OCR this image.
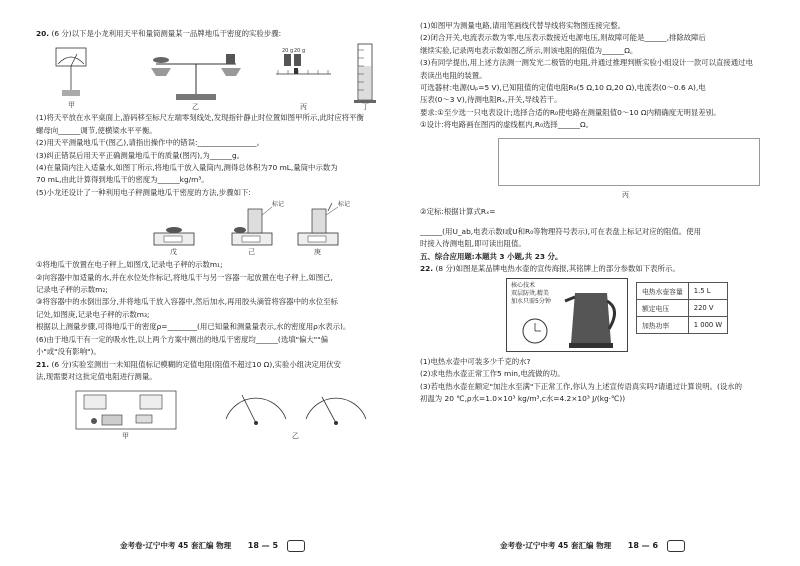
20. (6 分)以下是小龙利用天平和量筒测量某一品牌地瓜干密度的实验步骤:

20 g 20 g
甲	乙	丙	丁

(1)将天平放在水平桌面上,游码移至标尺左端零刻线处,发现指针静止时位置如图甲所示,此时应将平衡

螺母向______调节,使横梁水平平衡。

(2)用天平测量地瓜干(图乙),请指出操作中的错误:________________。

(3)纠正错误后用天平正确测量地瓜干的质量(图丙),为______g。

(4)在量筒内注入适量水,如图丁所示,将地瓜干放入量筒内,测得总体积为70 mL,量筒中示数为

70 mL,由此计算得到地瓜干的密度为______kg/m³。

(5)小龙还设计了一种利用电子秤测量地瓜干密度的方法,步骤如下:

标记	标记
戊	己	庚

①将地瓜干放置在电子秤上,如图戊,记录电子秤的示数m₁;

②向容器中加适量的水,并在水位处作标记,将地瓜干与另一容器一起放置在电子秤上,如图己,

记录电子秤的示数m₂;

③将容器中的水倒出部分,并将地瓜干放入容器中,然后加水,再用胶头滴管将容器中的水位至标

记处,如图庚,记录电子秤的示数m₃;

根据以上测量步骤,可得地瓜干的密度ρ=________(用已知量和测量量表示,水的密度用ρ水表示)。

(6)由于地瓜干有一定的吸水性,以上两个方案中测出的地瓜干密度均______(选填"偏大""偏

小"或"没有影响")。

21. (6 分)实验室测出一未知阻值标记模糊的定值电阻(阻值不超过10 Ω),实验小组决定用伏安

法,现需要对这批定值电阻进行测量。

甲	乙
金考卷·辽宁中考 45 套汇编 物理 18 — 5

(1)如图甲为测量电路,请用笔画线代替导线将实物图连接完整。

(2)闭合开关,电流表示数为零,电压表示数接近电源电压,则故障可能是______,排除故障后

继续实验,记录两电表示数如图乙所示,则该电阻的阻值为______Ω。

(3)有同学提出,用上述方法测一测发光二极管的电阻,并通过推理判断实验小组设计一款可以直接通过电

表读出电阻的装置。

可选器材:电源(Uₚ=5 V),已知阻值的定值电阻R₀(5 Ω,10 Ω,20 Ω),电流表(0～0.6 A),电

压表(0～3 V),待测电阻Rₓ,开关,导线若干。

要求:①至少选一只电表设计;选择合适的R₀使电路在测量阻值0～10 Ω内精确度无明显差别。

①设计:将电路画在图丙的虚线框内,R₀选择______Ω。

丙

②定标:根据计算式Rₓ=

______(用U_ab,电表示数I或U和R₀等物理符号表示),可在表盘上标记对应的阻值。使用

时接入待测电阻,即可读出阻值。

五、综合应用题:本题共 3 小题,共 23 分。

22. (8 分)如图是某品牌电热水壶的宣传海报,其铭牌上的部分参数如下表所示。

核心技术
双层防烫,精美
加水只需5分钟
电热水壶容量	1.5 L
额定电压	220 V
加热功率	1 000 W

(1)电热水壶中可装多少千克的水?

(2)求电热水壶正常工作5 min,电流做的功。

(3)若电热水壶在额定"加注水至满"下正常工作,你认为上述宣传语真实吗?请通过计算说明。(设水的

初温为 20 ℃,ρ水=1.0×10³ kg/m³,c水=4.2×10³ J/(kg·℃))

金考卷·辽宁中考 45 套汇编 物理 18 — 6
